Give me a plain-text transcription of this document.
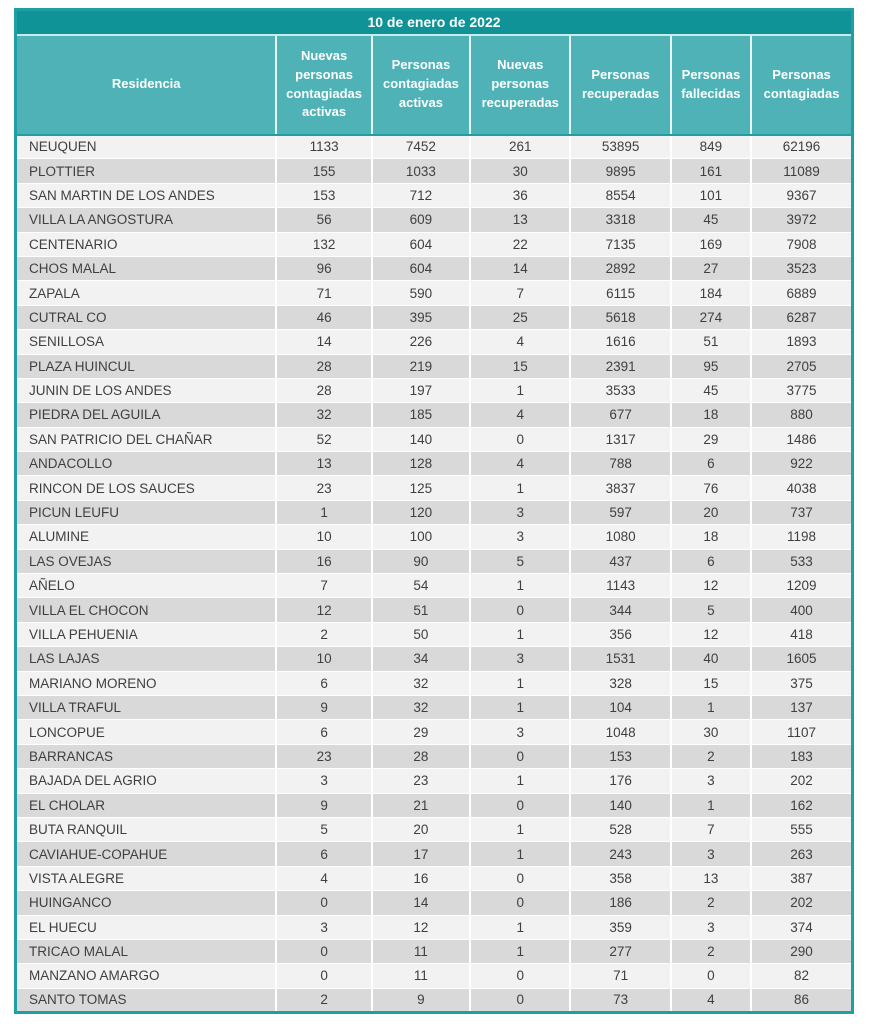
10 de enero de 2022						
Residencia	Nuevas personas contagiadas activas	Personas contagiadas activas	Nuevas personas recuperadas	Personas recuperadas	Personas fallecidas	Personas contagiadas
NEUQUEN	1133	7452	261	53895	849	62196
PLOTTIER	155	1033	30	9895	161	11089
SAN MARTIN DE LOS ANDES	153	712	36	8554	101	9367
VILLA LA ANGOSTURA	56	609	13	3318	45	3972
CENTENARIO	132	604	22	7135	169	7908
CHOS MALAL	96	604	14	2892	27	3523
ZAPALA	71	590	7	6115	184	6889
CUTRAL CO	46	395	25	5618	274	6287
SENILLOSA	14	226	4	1616	51	1893
PLAZA HUINCUL	28	219	15	2391	95	2705
JUNIN DE LOS ANDES	28	197	1	3533	45	3775
PIEDRA DEL AGUILA	32	185	4	677	18	880
SAN PATRICIO DEL CHAÑAR	52	140	0	1317	29	1486
ANDACOLLO	13	128	4	788	6	922
RINCON DE LOS SAUCES	23	125	1	3837	76	4038
PICUN LEUFU	1	120	3	597	20	737
ALUMINE	10	100	3	1080	18	1198
LAS OVEJAS	16	90	5	437	6	533
AÑELO	7	54	1	1143	12	1209
VILLA EL CHOCON	12	51	0	344	5	400
VILLA PEHUENIA	2	50	1	356	12	418
LAS LAJAS	10	34	3	1531	40	1605
MARIANO MORENO	6	32	1	328	15	375
VILLA TRAFUL	9	32	1	104	1	137
LONCOPUE	6	29	3	1048	30	1107
BARRANCAS	23	28	0	153	2	183
BAJADA DEL AGRIO	3	23	1	176	3	202
EL CHOLAR	9	21	0	140	1	162
BUTA RANQUIL	5	20	1	528	7	555
CAVIAHUE-COPAHUE	6	17	1	243	3	263
VISTA ALEGRE	4	16	0	358	13	387
HUINGANCO	0	14	0	186	2	202
EL HUECU	3	12	1	359	3	374
TRICAO MALAL	0	11	1	277	2	290
MANZANO AMARGO	0	11	0	71	0	82
SANTO TOMAS	2	9	0	73	4	86
